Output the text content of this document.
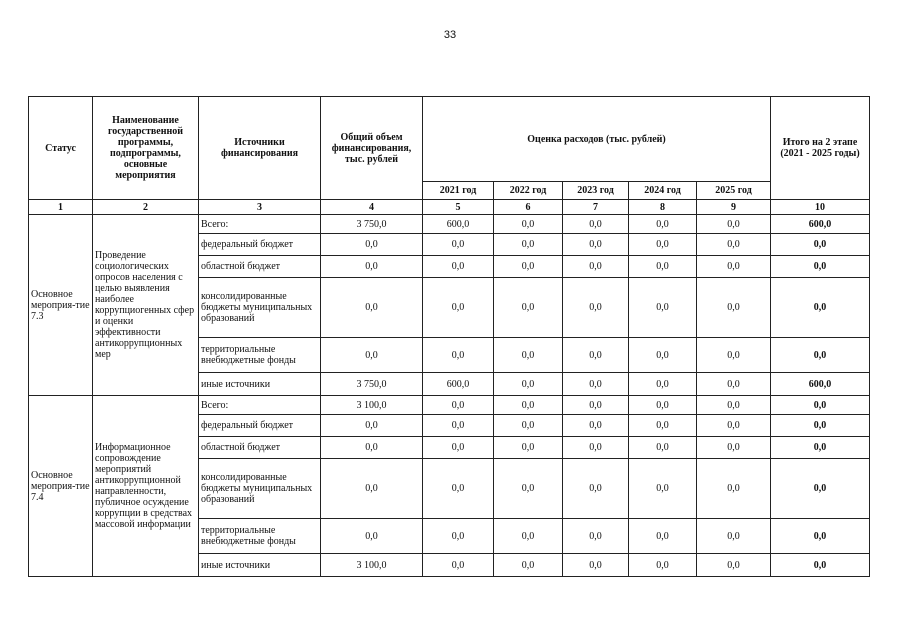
33
Статус	Наименование государственной программы, подпрограммы, основные мероприятия	Источники финансирования	Общий объем финансирования, тыс. рублей	Оценка расходов (тыс. рублей)					Итого на 2 этапе (2021 - 2025 годы)
				2021 год	2022 год	2023 год	2024 год	2025 год	
1	2	3	4	5	6	7	8	9	10
Основное мероприя-тие 7.3	Проведение социологических опросов населения с целью выявления наиболее коррупциогенных сфер и оценки эффективности антикоррупционных мер	Всего:	3 750,0	600,0	0,0	0,0	0,0	0,0	600,0
		федеральный бюджет	0,0	0,0	0,0	0,0	0,0	0,0	0,0
		областной бюджет	0,0	0,0	0,0	0,0	0,0	0,0	0,0
		консолидированные бюджеты муниципальных образований	0,0	0,0	0,0	0,0	0,0	0,0	0,0
		территориальные внебюджетные фонды	0,0	0,0	0,0	0,0	0,0	0,0	0,0
		иные источники	3 750,0	600,0	0,0	0,0	0,0	0,0	600,0
Основное мероприя-тие 7.4	Информационное сопровождение мероприятий антикоррупционной направленности, публичное осуждение коррупции в средствах массовой информации	Всего:	3 100,0	0,0	0,0	0,0	0,0	0,0	0,0
		федеральный бюджет	0,0	0,0	0,0	0,0	0,0	0,0	0,0
		областной бюджет	0,0	0,0	0,0	0,0	0,0	0,0	0,0
		консолидированные бюджеты муниципальных образований	0,0	0,0	0,0	0,0	0,0	0,0	0,0
		территориальные внебюджетные фонды	0,0	0,0	0,0	0,0	0,0	0,0	0,0
		иные источники	3 100,0	0,0	0,0	0,0	0,0	0,0	0,0
